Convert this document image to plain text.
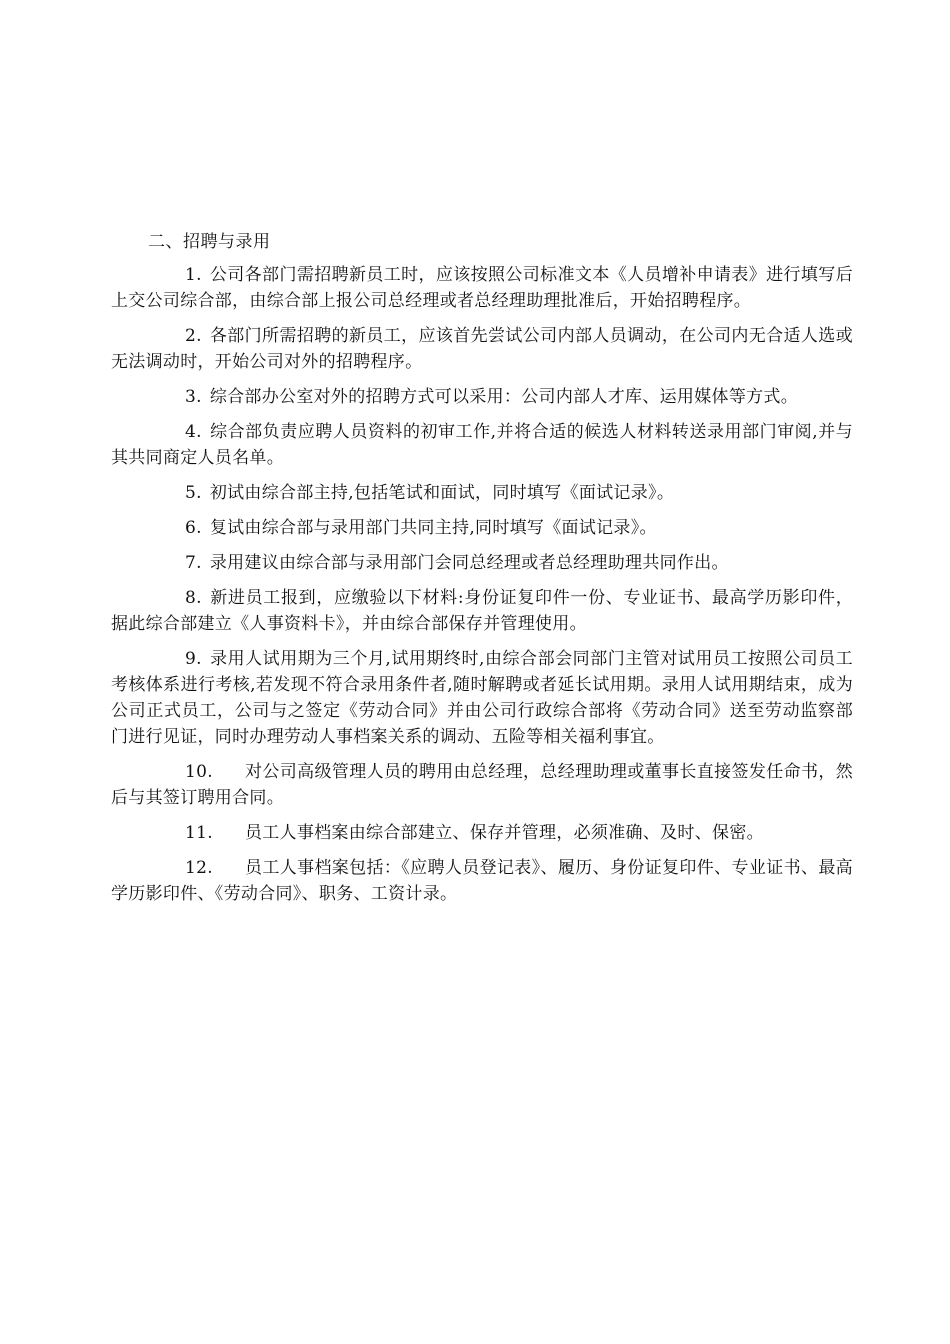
二、招聘与录用

1. 公司各部门需招聘新员工时，应该按照公司标准文本《人员增补申请表》进行填写后上交公司综合部，由综合部上报公司总经理或者总经理助理批准后，开始招聘程序。

2. 各部门所需招聘的新员工，应该首先尝试公司内部人员调动，在公司内无合适人选或无法调动时，开始公司对外的招聘程序。

3. 综合部办公室对外的招聘方式可以采用：公司内部人才库、运用媒体等方式。

4. 综合部负责应聘人员资料的初审工作,并将合适的候选人材料转送录用部门审阅,并与其共同商定人员名单。

5. 初试由综合部主持,包括笔试和面试，同时填写《面试记录》。

6. 复试由综合部与录用部门共同主持,同时填写《面试记录》。

7. 录用建议由综合部与录用部门会同总经理或者总经理助理共同作出。

8. 新进员工报到，应缴验以下材料:身份证复印件一份、专业证书、最高学历影印件，据此综合部建立《人事资料卡》，并由综合部保存并管理使用。

9. 录用人试用期为三个月,试用期终时,由综合部会同部门主管对试用员工按照公司员工考核体系进行考核,若发现不符合录用条件者,随时解聘或者延长试用期。录用人试用期结束，成为公司正式员工，公司与之签定《劳动合同》并由公司行政综合部将《劳动合同》送至劳动监察部门进行见证，同时办理劳动人事档案关系的调动、五险等相关福利事宜。

10. 对公司高级管理人员的聘用由总经理，总经理助理或董事长直接签发任命书，然后与其签订聘用合同。

11. 员工人事档案由综合部建立、保存并管理，必须准确、及时、保密。

12. 员工人事档案包括：《应聘人员登记表》、履历、身份证复印件、专业证书、最高学历影印件、《劳动合同》、职务、工资计录。
